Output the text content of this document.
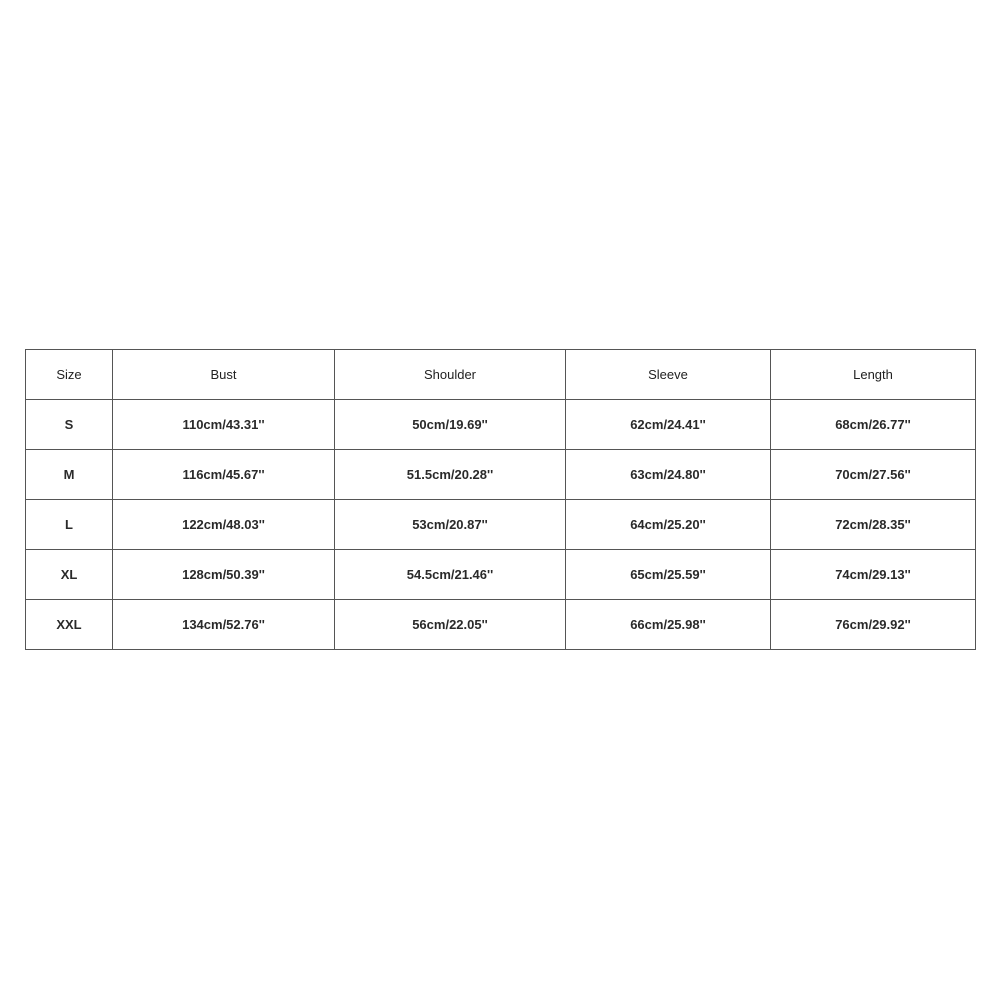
Size	Bust	Shoulder	Sleeve	Length
S	110cm/43.31''	50cm/19.69''	62cm/24.41''	68cm/26.77''
M	116cm/45.67''	51.5cm/20.28''	63cm/24.80''	70cm/27.56''
L	122cm/48.03''	53cm/20.87''	64cm/25.20''	72cm/28.35''
XL	128cm/50.39''	54.5cm/21.46''	65cm/25.59''	74cm/29.13''
XXL	134cm/52.76''	56cm/22.05''	66cm/25.98''	76cm/29.92''
